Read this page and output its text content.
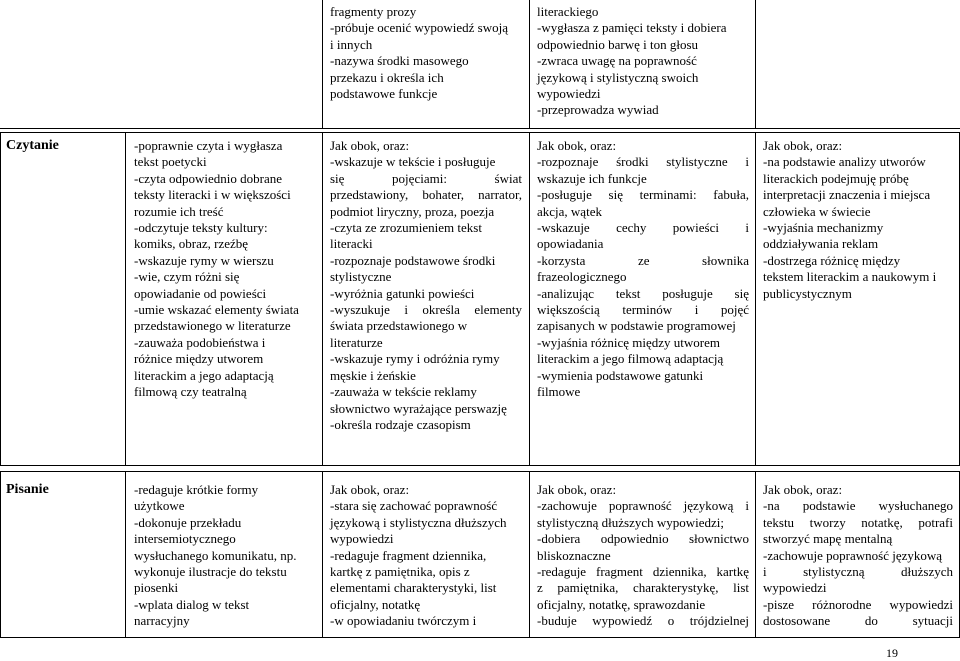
fragmenty prozy
-próbuje ocenić wypowiedź swoją
i innych
-nazywa środki masowego
przekazu i określa ich
podstawowe funkcje
literackiego
-wygłasza z pamięci teksty i dobiera
odpowiednio barwę i ton głosu
-zwraca uwagę na poprawność
językową i stylistyczną swoich
wypowiedzi
-przeprowadza wywiad
Czytanie	-poprawnie czyta i wygłasza
tekst poetycki
-czyta odpowiednio dobrane
teksty literacki i w większości
rozumie ich treść
-odczytuje teksty kultury:
komiks, obraz, rzeźbę
-wskazuje rymy w wierszu
-wie, czym różni się
opowiadanie od powieści
-umie wskazać elementy świata
przedstawionego w literaturze
-zauważa podobieństwa i
różnice między utworem
literackim a jego adaptacją
filmową czy teatralną
Jak obok, oraz:
-wskazuje w tekście i posługuje
się pojęciami: świat
przedstawiony, bohater, narrator,
podmiot liryczny, proza, poezja
-czyta ze zrozumieniem tekst
literacki
-rozpoznaje podstawowe środki
stylistyczne
-wyróżnia gatunki powieści
-wyszukuje i określa elementy
świata przedstawionego w
literaturze
-wskazuje rymy i odróżnia rymy
męskie i żeńskie
-zauważa w tekście reklamy
słownictwo wyrażające perswazję
-określa rodzaje czasopism
Jak obok, oraz:
-rozpoznaje środki stylistyczne i
wskazuje ich funkcje
-posługuje się terminami: fabuła,
akcja, wątek
-wskazuje cechy powieści i
opowiadania
-korzysta ze słownika
frazeologicznego
-analizując tekst posługuje się
większością terminów i pojęć
zapisanych w podstawie programowej
-wyjaśnia różnicę między utworem
literackim a jego filmową adaptacją
-wymienia podstawowe gatunki
filmowe
Jak obok, oraz:
-na podstawie analizy utworów
literackich podejmuję próbę
interpretacji znaczenia i miejsca
człowieka w świecie
-wyjaśnia mechanizmy
oddziaływania reklam
-dostrzega różnicę między
tekstem literackim a naukowym i
publicystycznym
Pisanie	-redaguje krótkie formy
użytkowe
-dokonuje przekładu
intersemiotycznego
wysłuchanego komunikatu, np.
wykonuje ilustracje do tekstu
piosenki
-wplata dialog w tekst
narracyjny
Jak obok, oraz:
-stara się zachować poprawność
językową i stylistyczna dłuższych
wypowiedzi
-redaguje fragment dziennika,
kartkę z pamiętnika, opis z
elementami charakterystyki, list
oficjalny, notatkę
-w opowiadaniu twórczym i
Jak obok, oraz:
-zachowuje poprawność językową i
stylistyczną dłuższych wypowiedzi;
-dobiera odpowiednio słownictwo
bliskoznaczne
-redaguje fragment dziennika, kartkę
z pamiętnika, charakterystykę, list
oficjalny, notatkę, sprawozdanie
-buduje wypowiedź o trójdzielnej
Jak obok, oraz:
-na podstawie wysłuchanego
tekstu tworzy notatkę, potrafi
stworzyć mapę mentalną
-zachowuje poprawność językową
i stylistyczną dłuższych
wypowiedzi
-pisze różnorodne wypowiedzi
dostosowane do sytuacji
19
